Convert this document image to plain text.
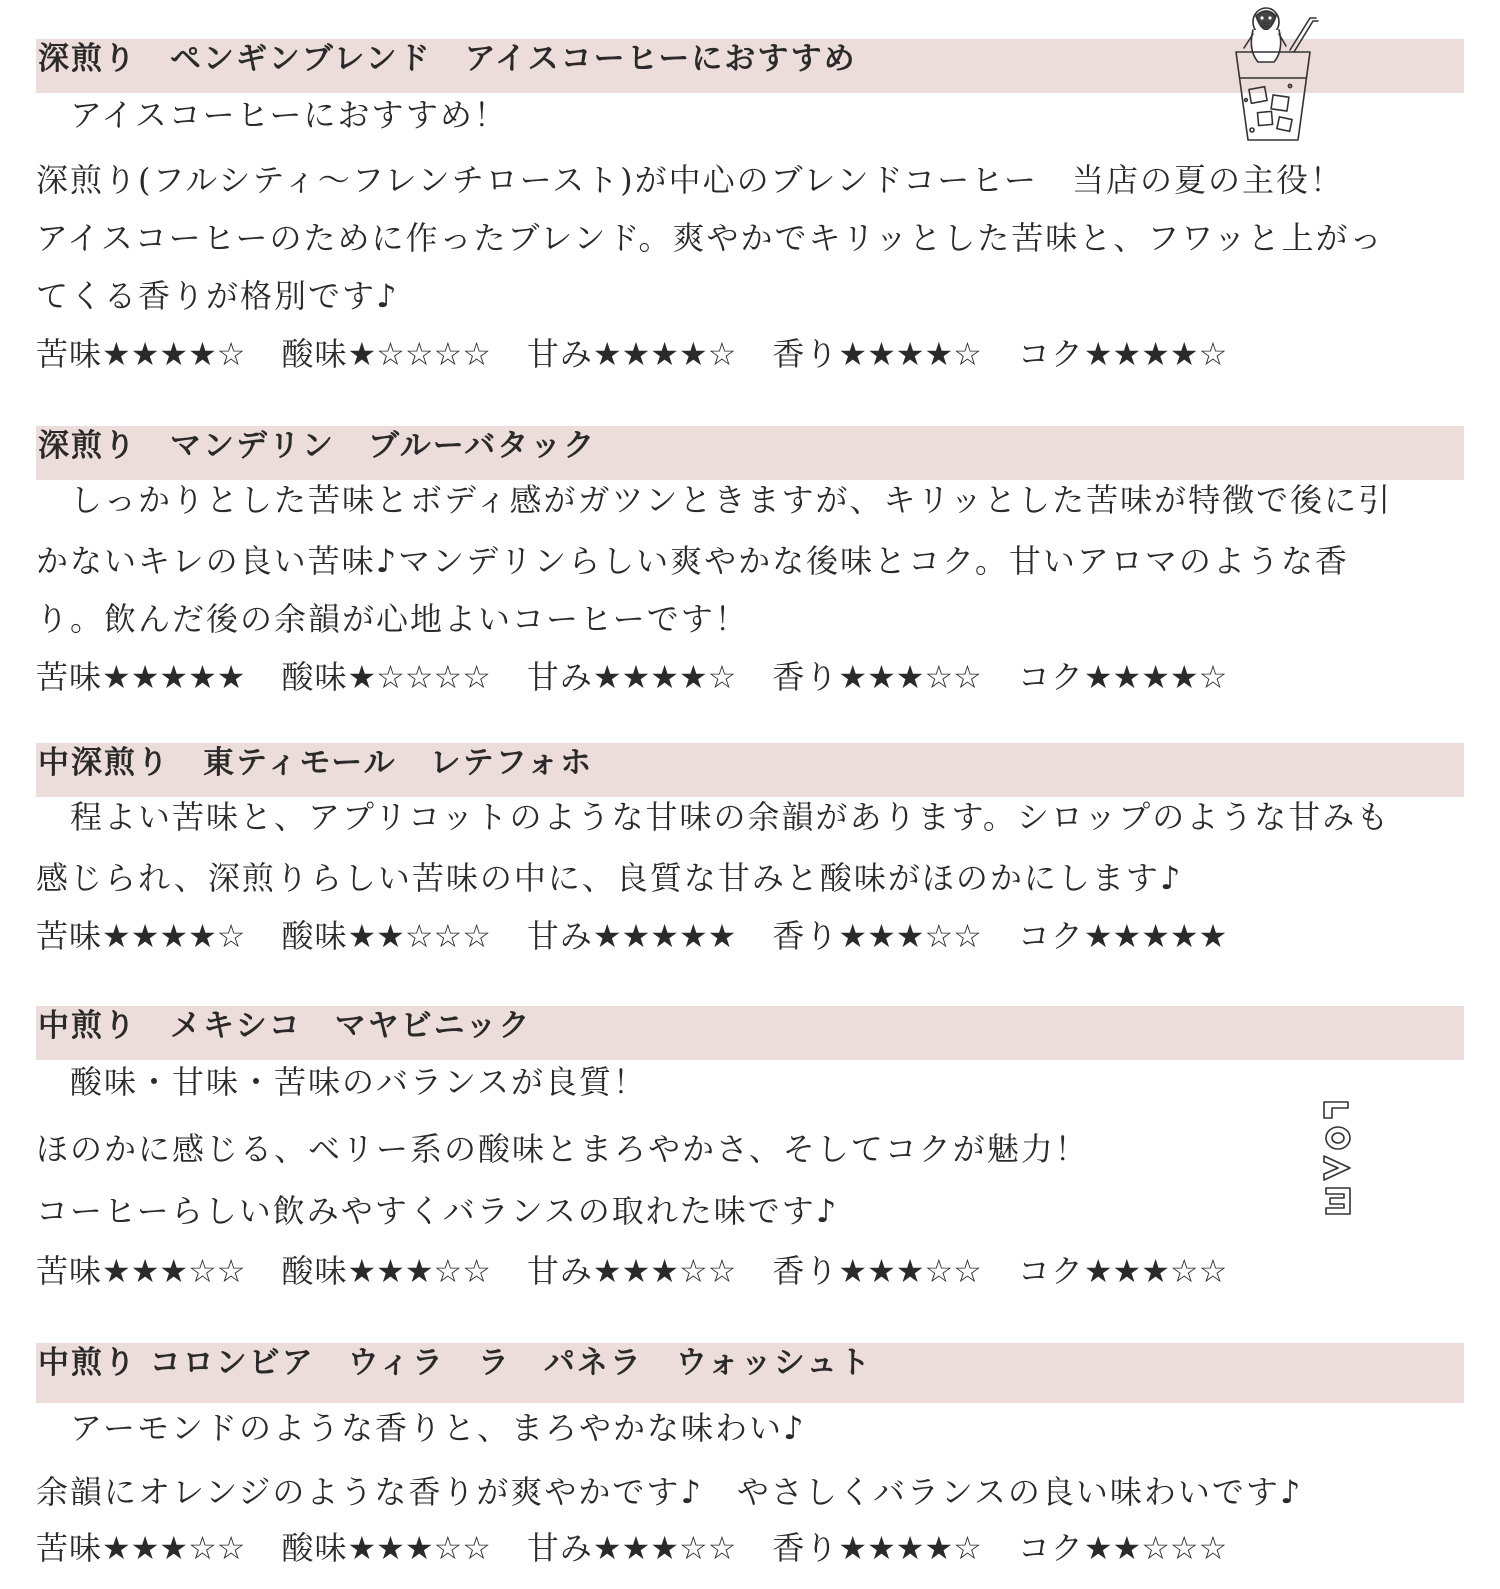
深煎り　ペンギンブレンド　アイスコーヒーにおすすめ
　アイスコーヒーにおすすめ！
深煎り(フルシティ～フレンチロースト)が中心のブレンドコーヒー　当店の夏の主役！
アイスコーヒーのために作ったブレンド。爽やかでキリッとした苦味と、フワッと上がっ
てくる香りが格別です♪
苦味★★★★☆ 酸味★☆☆☆☆ 甘み★★★★☆ 香り★★★★☆ コク★★★★☆
深煎り　マンデリン　ブルーバタック
　しっかりとした苦味とボディ感がガツンときますが、キリッとした苦味が特徴で後に引
かないキレの良い苦味♪マンデリンらしい爽やかな後味とコク。甘いアロマのような香
り。飲んだ後の余韻が心地よいコーヒーです！
苦味★★★★★ 酸味★☆☆☆☆ 甘み★★★★☆ 香り★★★☆☆ コク★★★★☆
中深煎り　東ティモール　レテフォホ
　程よい苦味と、アプリコットのような甘味の余韻があります。シロップのような甘みも
感じられ、深煎りらしい苦味の中に、良質な甘みと酸味がほのかにします♪
苦味★★★★☆ 酸味★★☆☆☆ 甘み★★★★★ 香り★★★☆☆ コク★★★★★
中煎り　メキシコ　マヤビニック
　酸味・甘味・苦味のバランスが良質！
ほのかに感じる、ベリー系の酸味とまろやかさ、そしてコクが魅力！
コーヒーらしい飲みやすくバランスの取れた味です♪
苦味★★★☆☆ 酸味★★★☆☆ 甘み★★★☆☆ 香り★★★☆☆ コク★★★☆☆
中煎り コロンビア　ウィラ　ラ　パネラ　ウォッシュト
　アーモンドのような香りと、まろやかな味わい♪
余韻にオレンジのような香りが爽やかです♪　やさしくバランスの良い味わいです♪
苦味★★★☆☆ 酸味★★★☆☆ 甘み★★★☆☆ 香り★★★★☆ コク★★☆☆☆
